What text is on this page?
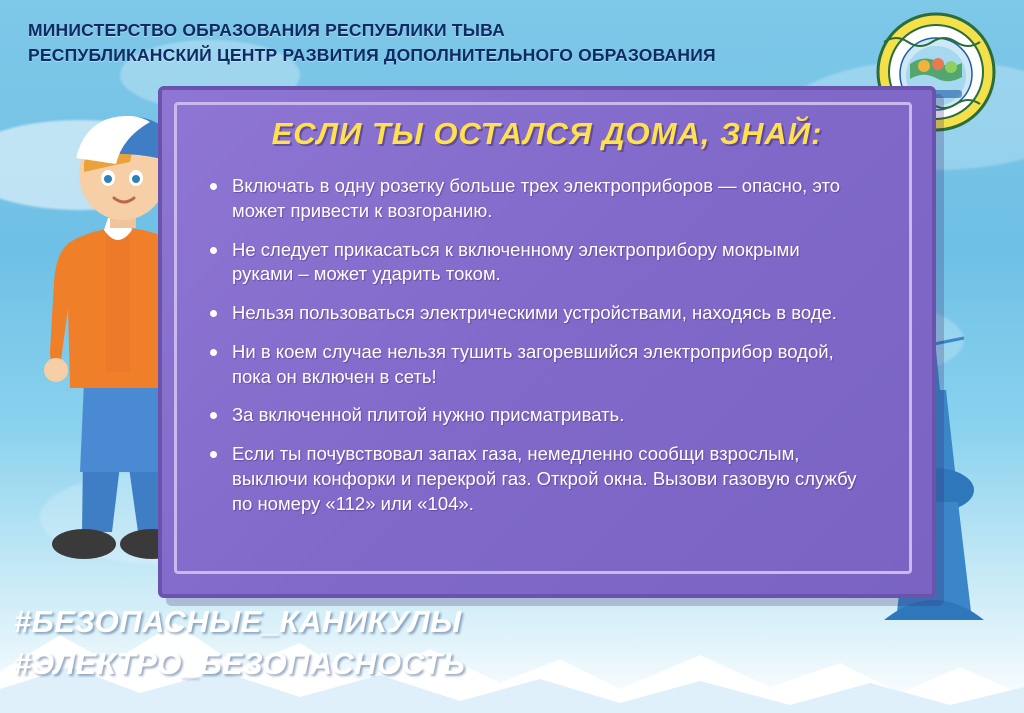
МИНИСТЕРСТВО ОБРАЗОВАНИЯ РЕСПУБЛИКИ ТЫВА
РЕСПУБЛИКАНСКИЙ ЦЕНТР РАЗВИТИЯ ДОПОЛНИТЕЛЬНОГО ОБРАЗОВАНИЯ
ЕСЛИ ТЫ ОСТАЛСЯ ДОМА, ЗНАЙ:
Включать в одну розетку больше трех электроприборов — опасно, это может привести к возгоранию.
Не следует прикасаться к включенному электроприбору мокрыми руками – может ударить током.
Нельзя пользоваться электрическими устройствами, находясь в воде.
Ни в коем случае нельзя тушить загоревшийся электроприбор водой, пока он включен в сеть!
За включенной плитой нужно присматривать.
Если ты почувствовал запах газа, немедленно сообщи взрослым, выключи конфорки и перекрой газ. Открой окна. Вызови газовую службу по номеру «112» или «104».
#БЕЗОПАСНЫЕ_КАНИКУЛЫ
#ЭЛЕКТРО_БЕЗОПАСНОСТЬ
